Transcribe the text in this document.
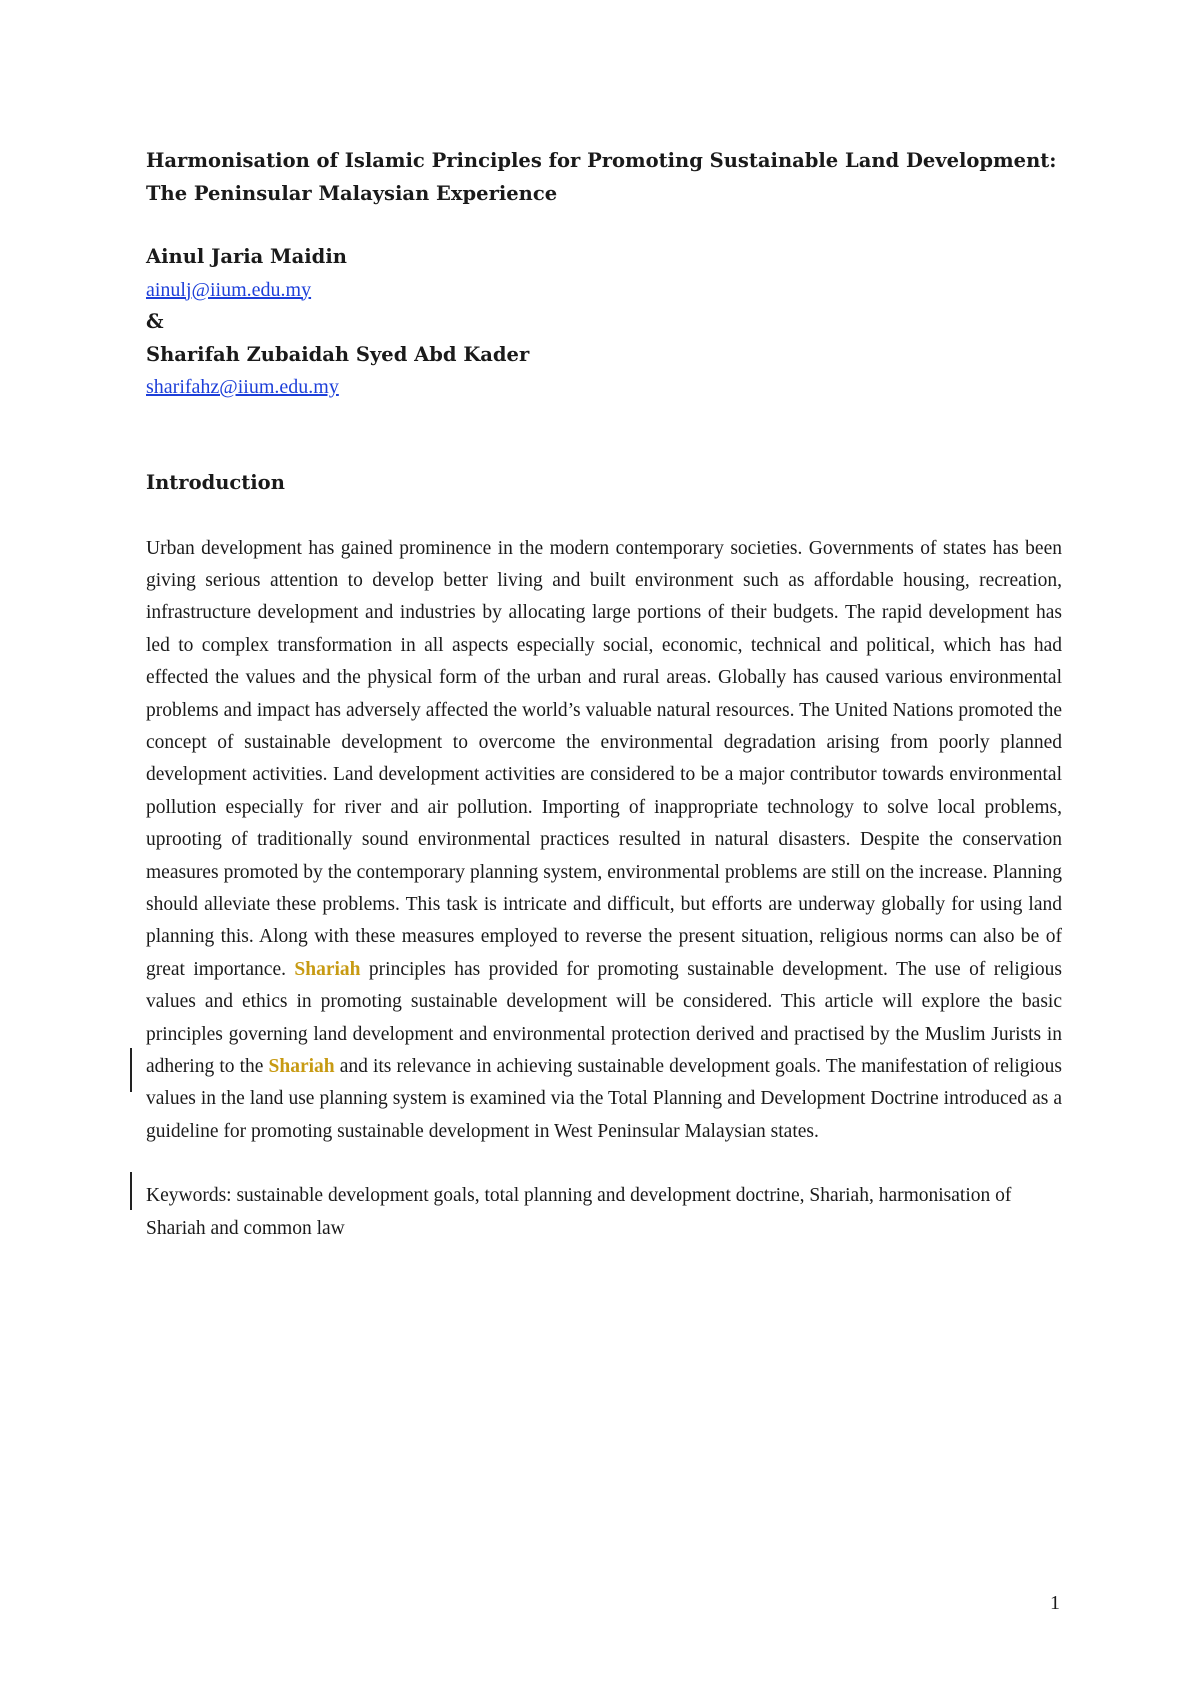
Harmonisation of Islamic Principles for Promoting Sustainable Land Development: The Peninsular Malaysian Experience
Ainul Jaria Maidin
ainulj@iium.edu.my
&
Sharifah Zubaidah Syed Abd Kader
sharifahz@iium.edu.my
Introduction

Urban development has gained prominence in the modern contemporary societies. Governments of states has been giving serious attention to develop better living and built environment such as affordable housing, recreation, infrastructure development and industries by allocating large portions of their budgets. The rapid development has led to complex transformation in all aspects especially social, economic, technical and political, which has had effected the values and the physical form of the urban and rural areas. Globally has caused various environmental problems and impact has adversely affected the world’s valuable natural resources. The United Nations promoted the concept of sustainable development to overcome the environmental degradation arising from poorly planned development activities. Land development activities are considered to be a major contributor towards environmental pollution especially for river and air pollution. Importing of inappropriate technology to solve local problems, uprooting of traditionally sound environmental practices resulted in natural disasters. Despite the conservation measures promoted by the contemporary planning system, environmental problems are still on the increase. Planning should alleviate these problems. This task is intricate and difficult, but efforts are underway globally for using land planning this. Along with these measures employed to reverse the present situation, religious norms can also be of great importance. Shariah principles has provided for promoting sustainable development. The use of religious values and ethics in promoting sustainable development will be considered. This article will explore the basic principles governing land development and environmental protection derived and practised by the Muslim Jurists in adhering to the Shariah and its relevance in achieving sustainable development goals. The manifestation of religious values in the land use planning system is examined via the Total Planning and Development Doctrine introduced as a guideline for promoting sustainable development in West Peninsular Malaysian states.

Keywords: sustainable development goals, total planning and development doctrine, Shariah, harmonisation of Shariah and common law

1
